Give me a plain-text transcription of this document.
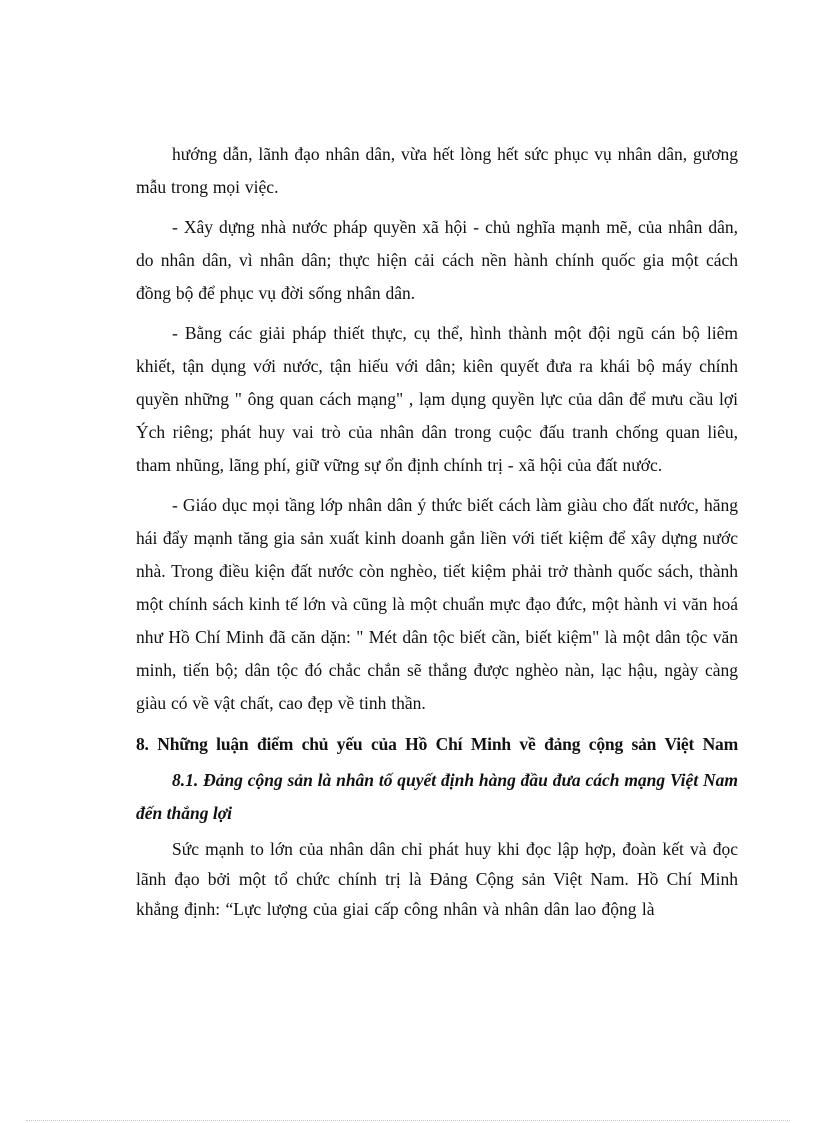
hướng dẫn, lãnh đạo nhân dân, vừa hết lòng hết sức phục vụ nhân dân, gương mẫu trong mọi việc.

- Xây dựng nhà nước pháp quyền xã hội - chủ nghĩa mạnh mẽ, của nhân dân, do nhân dân, vì nhân dân; thực hiện cải cách nền hành chính quốc gia một cách đồng bộ để phục vụ đời sống nhân dân.

- Bằng các giải pháp thiết thực, cụ thể, hình thành một đội ngũ cán bộ liêm khiết, tận dụng với nước, tận hiếu với dân; kiên quyết đưa ra khái bộ máy chính quyền những " ông quan cách mạng" , lạm dụng quyền lực của dân để mưu cầu lợi Ých riêng; phát huy vai trò của nhân dân trong cuộc đấu tranh chống quan liêu, tham nhũng, lãng phí, giữ vững sự ổn định chính trị - xã hội của đất nước.

- Giáo dục mọi tầng lớp nhân dân ý thức biết cách làm giàu cho đất nước, hăng hái đẩy mạnh tăng gia sản xuất kinh doanh gắn liền với tiết kiệm để xây dựng nước nhà. Trong điều kiện đất nước còn nghèo, tiết kiệm phải trở thành quốc sách, thành một chính sách kinh tế lớn và cũng là một chuẩn mực đạo đức, một hành vi văn hoá như Hồ Chí Minh đã căn dặn: " Mét dân tộc biết cần, biết kiệm" là một dân tộc văn minh, tiến bộ; dân tộc đó chắc chắn sẽ thắng được nghèo nàn, lạc hậu, ngày càng giàu có về vật chất, cao đẹp về tinh thần.

8. Những luận điểm chủ yếu của Hồ Chí Minh về đảng cộng sản Việt Nam
8.1. Đảng cộng sản là nhân tố quyết định hàng đầu đưa cách mạng Việt Nam đến thắng lợi

Sức mạnh to lớn của nhân dân chỉ phát huy khi đọc lập hợp, đoàn kết và đọc lãnh đạo bởi một tổ chức chính trị là Đảng Cộng sản Việt Nam. Hồ Chí Minh khẳng định: “Lực lượng của giai cấp công nhân và nhân dân lao động là
